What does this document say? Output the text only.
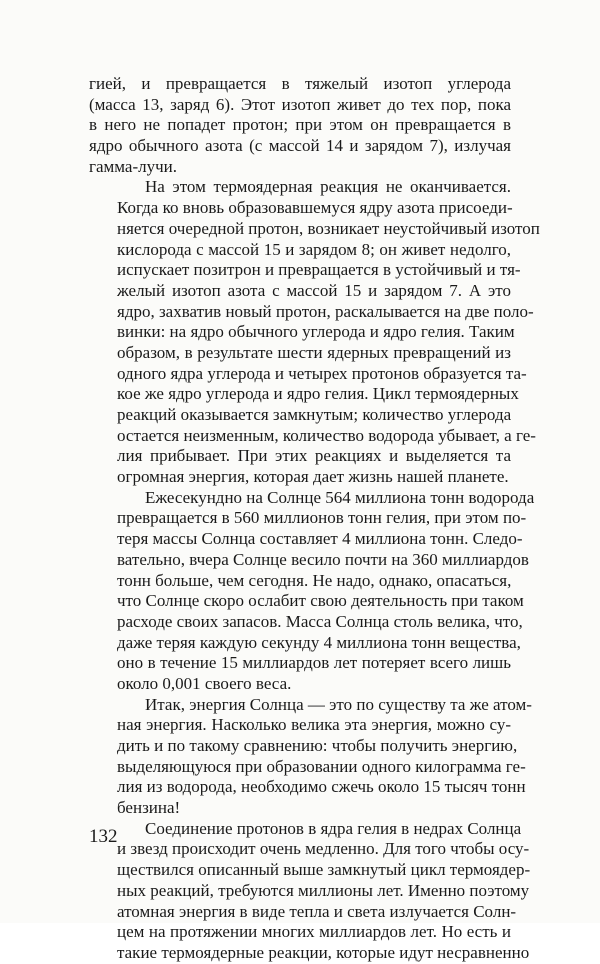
гией, и превращается в тяжелый изотоп углерода
(масса 13, заряд 6). Этот изотоп живет до тех пор, пока
в него не попадет протон; при этом он превращается в
ядро обычного азота (с массой 14 и зарядом 7), излучая
гамма-лучи.
На этом термоядерная реакция не оканчивается.
Когда ко вновь образовавшемуся ядру азота присоеди-
няется очередной протон, возникает неустойчивый изотоп
кислорода с массой 15 и зарядом 8; он живет недолго,
испускает позитрон и превращается в устойчивый и тя-
желый изотоп азота с массой 15 и зарядом 7. А это
ядро, захватив новый протон, раскалывается на две поло-
винки: на ядро обычного углерода и ядро гелия. Таким
образом, в результате шести ядерных превращений из
одного ядра углерода и четырех протонов образуется та-
кое же ядро углерода и ядро гелия. Цикл термоядерных
реакций оказывается замкнутым; количество углерода
остается неизменным, количество водорода убывает, а ге-
лия прибывает. При этих реакциях и выделяется та
огромная энергия, которая дает жизнь нашей планете.
Ежесекундно на Солнце 564 миллиона тонн водорода
превращается в 560 миллионов тонн гелия, при этом по-
теря массы Солнца составляет 4 миллиона тонн. Следо-
вательно, вчера Солнце весило почти на 360 миллиардов
тонн больше, чем сегодня. Не надо, однако, опасаться,
что Солнце скоро ослабит свою деятельность при таком
расходе своих запасов. Масса Солнца столь велика, что,
даже теряя каждую секунду 4 миллиона тонн вещества,
оно в течение 15 миллиардов лет потеряет всего лишь
около 0,001 своего веса.
Итак, энергия Солнца — это по существу та же атом-
ная энергия. Насколько велика эта энергия, можно су-
дить и по такому сравнению: чтобы получить энергию,
выделяющуюся при образовании одного килограмма ге-
лия из водорода, необходимо сжечь около 15 тысяч тонн
бензина!
Соединение протонов в ядра гелия в недрах Солнца
и звезд происходит очень медленно. Для того чтобы осу-
ществился описанный выше замкнутый цикл термоядер-
ных реакций, требуются миллионы лет. Именно поэтому
атомная энергия в виде тепла и света излучается Солн-
цем на протяжении многих миллиардов лет. Но есть и
такие термоядерные реакции, которые идут несравненно
132
